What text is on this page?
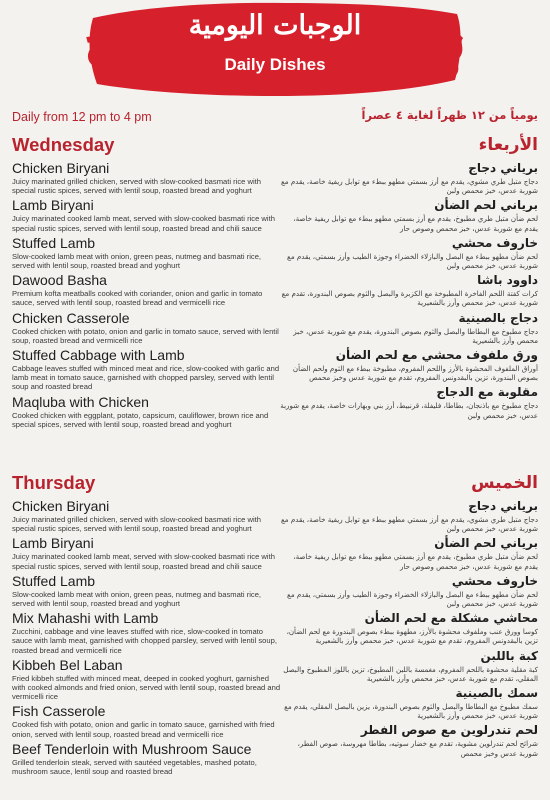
الوجبات اليومية
Daily Dishes
Daily from 12 pm to 4 pm	يومياً من ١٢ ظهراً لغاية ٤ عصراً
Wednesday
Chicken Biryani
Juicy marinated grilled chicken, served with slow-cooked basmati rice with special rustic spices, served with lentil soup, roasted bread and yoghurt
Lamb Biryani
Juicy marinated cooked lamb meat, served with slow-cooked basmati rice with special rustic spices, served with lentil soup, roasted bread and chili sauce
Stuffed Lamb
Slow-cooked lamb meat with onion, green peas, nutmeg and basmati rice, served with lentil soup, roasted bread and yoghurt
Dawood Basha
Premium kofta meatballs cooked with coriander, onion and garlic in tomato sauce, served with lentil soup, roasted bread and vermicelli rice
Chicken Casserole
Cooked chicken with potato, onion and garlic in tomato sauce, served with lentil soup, roasted bread and vermicelli rice
Stuffed Cabbage with Lamb
Cabbage leaves stuffed with minced meat and rice, slow-cooked with garlic and lamb meat in tomato sauce, garnished with chopped parsley, served with lentil soup and roasted bread
Maqluba with Chicken
Cooked chicken with eggplant, potato, capsicum, cauliflower, brown rice and special spices, served with lentil soup, roasted bread and yoghurt
الأربعاء
برياني دجاج
دجاج متبل طري مشوي، يقدم مع أرز بسمتي مطهو ببطء مع توابل ريفية خاصة، يقدم مع شوربة عدس، خبز محمص ولبن
برياني لحم الضأن
لحم ضأن متبل طري مطبوخ، يقدم مع أرز بسمتي مطهو ببطء مع توابل ريفية خاصة، يقدم مع شوربة عدس، خبز محمص وصوص حار
خاروف محشي
لحم ضأن مطهو ببطء مع البصل والبازلاء الخضراء وجوزة الطيب وأرز بسمتي، يقدم مع شوربة عدس، خبز محمص ولبن
داوود باشا
كرات كفتة اللحم الفاخرة المطبوخة مع الكزبرة والبصل والثوم بصوص البندورة، تقدم مع شوربة عدس، خبز محمص وأرز بالشعيرية
دجاج بالصينية
دجاج مطبوخ مع البطاطا والبصل والثوم بصوص البندورة، يقدم مع شوربة عدس، خبز محمص وأرز بالشعيرية
ورق ملفوف محشي مع لحم الضأن
أوراق الملفوف المحشوة بالأرز واللحم المفروم، مطبوخة ببطء مع الثوم ولحم الضأن بصوص البندورة، تزين بالبقدونس المفروم، تقدم مع شوربة عدس وخبز محمص
مقلوبة مع الدجاج
دجاج مطبوخ مع باذنجان، بطاطا، فليفلة، قرنبيط، أرز بني وبهارات خاصة، يقدم مع شوربة عدس، خبز محمص ولبن
Thursday
Chicken Biryani
Juicy marinated grilled chicken, served with slow-cooked basmati rice with special rustic spices, served with lentil soup, roasted bread and yoghurt
Lamb Biryani
Juicy marinated cooked lamb meat, served with slow-cooked basmati rice with special rustic spices, served with lentil soup, roasted bread and chili sauce
Stuffed Lamb
Slow-cooked lamb meat with onion, green peas, nutmeg and basmati rice, served with lentil soup, roasted bread and yoghurt
Mix Mahashi with Lamb
Zucchini, cabbage and vine leaves stuffed with rice, slow-cooked in tomato sauce with lamb meat, garnished with chopped parsley, served with lentil soup, roasted bread and vermicelli rice
Kibbeh Bel Laban
Fried kibbeh stuffed with minced meat, deeped in cooked yoghurt, garnished with cooked almonds and fried onion, served with lentil soup, roasted bread and vermicelli rice
Fish Casserole
Cooked fish with potato, onion and garlic in tomato sauce, garnished with fried onion, served with lentil soup, roasted bread and vermicelli rice
Beef Tenderloin with Mushroom Sauce
Grilled tenderloin steak, served with sautéed vegetables, mashed potato, mushroom sauce, lentil soup and roasted bread
الخميس
برياني دجاج
دجاج متبل طري مشوي، يقدم مع أرز بسمتي مطهو ببطء مع توابل ريفية خاصة، يقدم مع شوربة عدس، خبز محمص ولبن
برياني لحم الضأن
لحم ضأن متبل طري مطبوخ، يقدم مع أرز بسمتي مطهو ببطء مع توابل ريفية خاصة، يقدم مع شوربة عدس، خبز محمص وصوص حار
خاروف محشي
لحم ضأن مطهو ببطء مع البصل والبازلاء الخضراء وجوزة الطيب وأرز بسمتي، يقدم مع شوربة عدس، خبز محمص ولبن
محاشي مشكلة مع لحم الضأن
كوسا وورق عنب وملفوف محشوة بالأرز، مطهوة ببطء بصوص البندورة مع لحم الضأن، تزين بالبقدونس المفروم، تقدم مع شوربة عدس، خبز محمص وأرز بالشعيرية
كبة باللبن
كبة مقلية محشوة باللحم المفروم، مغمسة باللبن المطبوخ، تزين باللوز المطبوخ والبصل المقلي، تقدم مع شوربة عدس، خبز محمص وأرز بالشعيرية
سمك بالصينية
سمك مطبوخ مع البطاطا والبصل والثوم بصوص البندورة، يزين بالبصل المقلي، يقدم مع شوربة عدس، خبز محمص وأرز بالشعيرية
لحم تندرلوين مع صوص الفطر
شرائح لحم تندرلوين مشوية، تقدم مع خضار سوتيه، بطاطا مهروسة، صوص الفطر، شوربة عدس وخبز محمص
